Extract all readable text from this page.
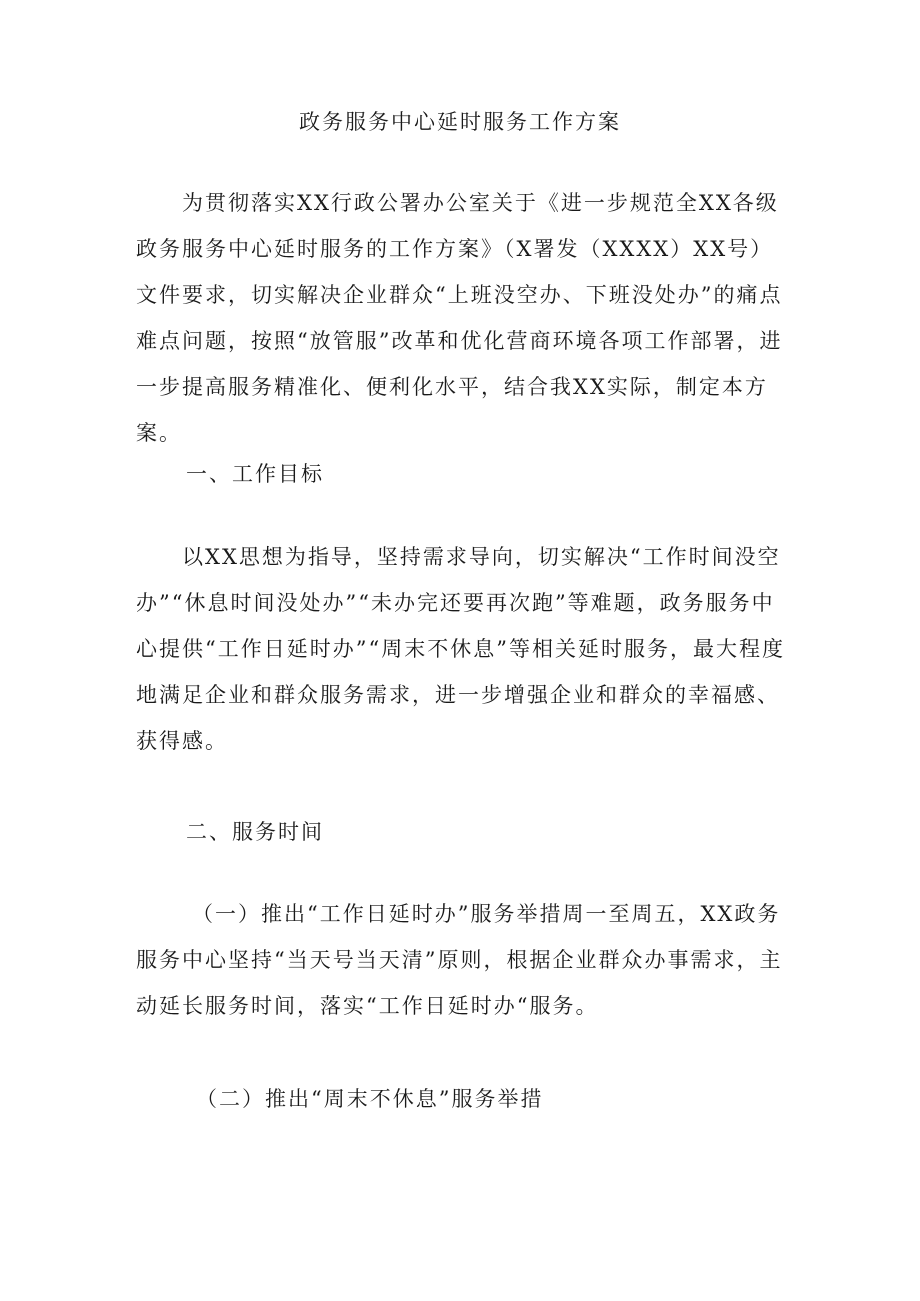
政务服务中心延时服务工作方案

为贯彻落实XX行政公署办公室关于《进一步规范全XX各级政务服务中心延时服务的工作方案》（X署发（XXXX）XX号）文件要求，切实解决企业群众“上班没空办、下班没处办”的痛点难点问题，按照“放管服”改革和优化营商环境各项工作部署，进一步提高服务精准化、便利化水平，结合我XX实际，制定本方案。

一、工作目标

以XX思想为指导，坚持需求导向，切实解决“工作时间没空办”“休息时间没处办”“未办完还要再次跑”等难题，政务服务中心提供“工作日延时办”“周末不休息”等相关延时服务，最大程度地满足企业和群众服务需求，进一步增强企业和群众的幸福感、获得感。

二、服务时间

（一）推出“工作日延时办”服务举措周一至周五，XX政务服务中心坚持“当天号当天清”原则，根据企业群众办事需求，主动延长服务时间，落实“工作日延时办“服务。

（二）推出“周末不休息”服务举措
